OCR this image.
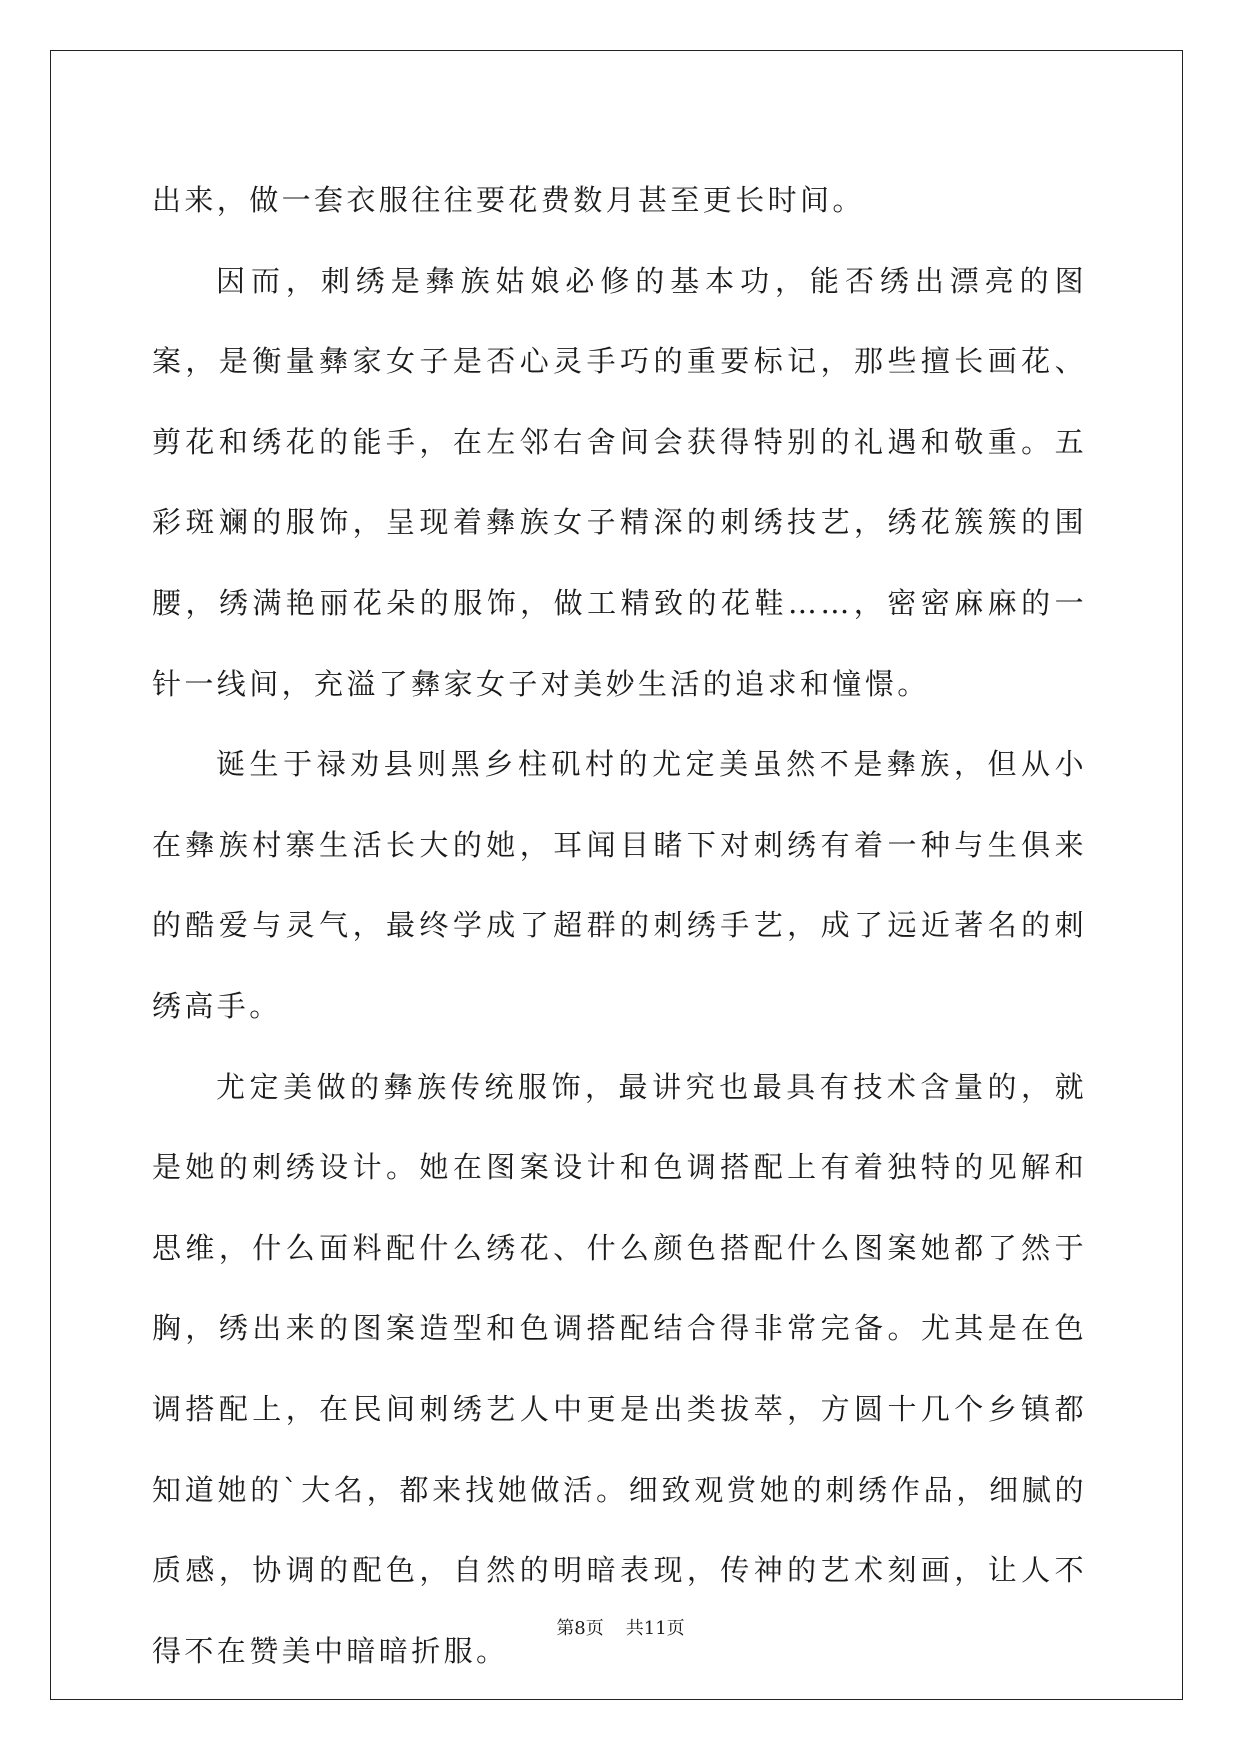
出来，做一套衣服往往要花费数月甚至更长时间。

因而，刺绣是彝族姑娘必修的基本功，能否绣出漂亮的图案，是衡量彝家女子是否心灵手巧的重要标记，那些擅长画花、剪花和绣花的能手，在左邻右舍间会获得特别的礼遇和敬重。五彩斑斓的服饰，呈现着彝族女子精深的刺绣技艺，绣花簇簇的围腰，绣满艳丽花朵的服饰，做工精致的花鞋……，密密麻麻的一针一线间，充溢了彝家女子对美妙生活的追求和憧憬。

诞生于禄劝县则黑乡柱矶村的尤定美虽然不是彝族，但从小在彝族村寨生活长大的她，耳闻目睹下对刺绣有着一种与生俱来的酷爱与灵气，最终学成了超群的刺绣手艺，成了远近著名的刺绣高手。

尤定美做的彝族传统服饰，最讲究也最具有技术含量的，就是她的刺绣设计。她在图案设计和色调搭配上有着独特的见解和思维，什么面料配什么绣花、什么颜色搭配什么图案她都了然于胸，绣出来的图案造型和色调搭配结合得非常完备。尤其是在色调搭配上，在民间刺绣艺人中更是出类拔萃，方圆十几个乡镇都知道她的`大名，都来找她做活。细致观赏她的刺绣作品，细腻的质感，协调的配色，自然的明暗表现，传神的艺术刻画，让人不得不在赞美中暗暗折服。

第8页 共11页
